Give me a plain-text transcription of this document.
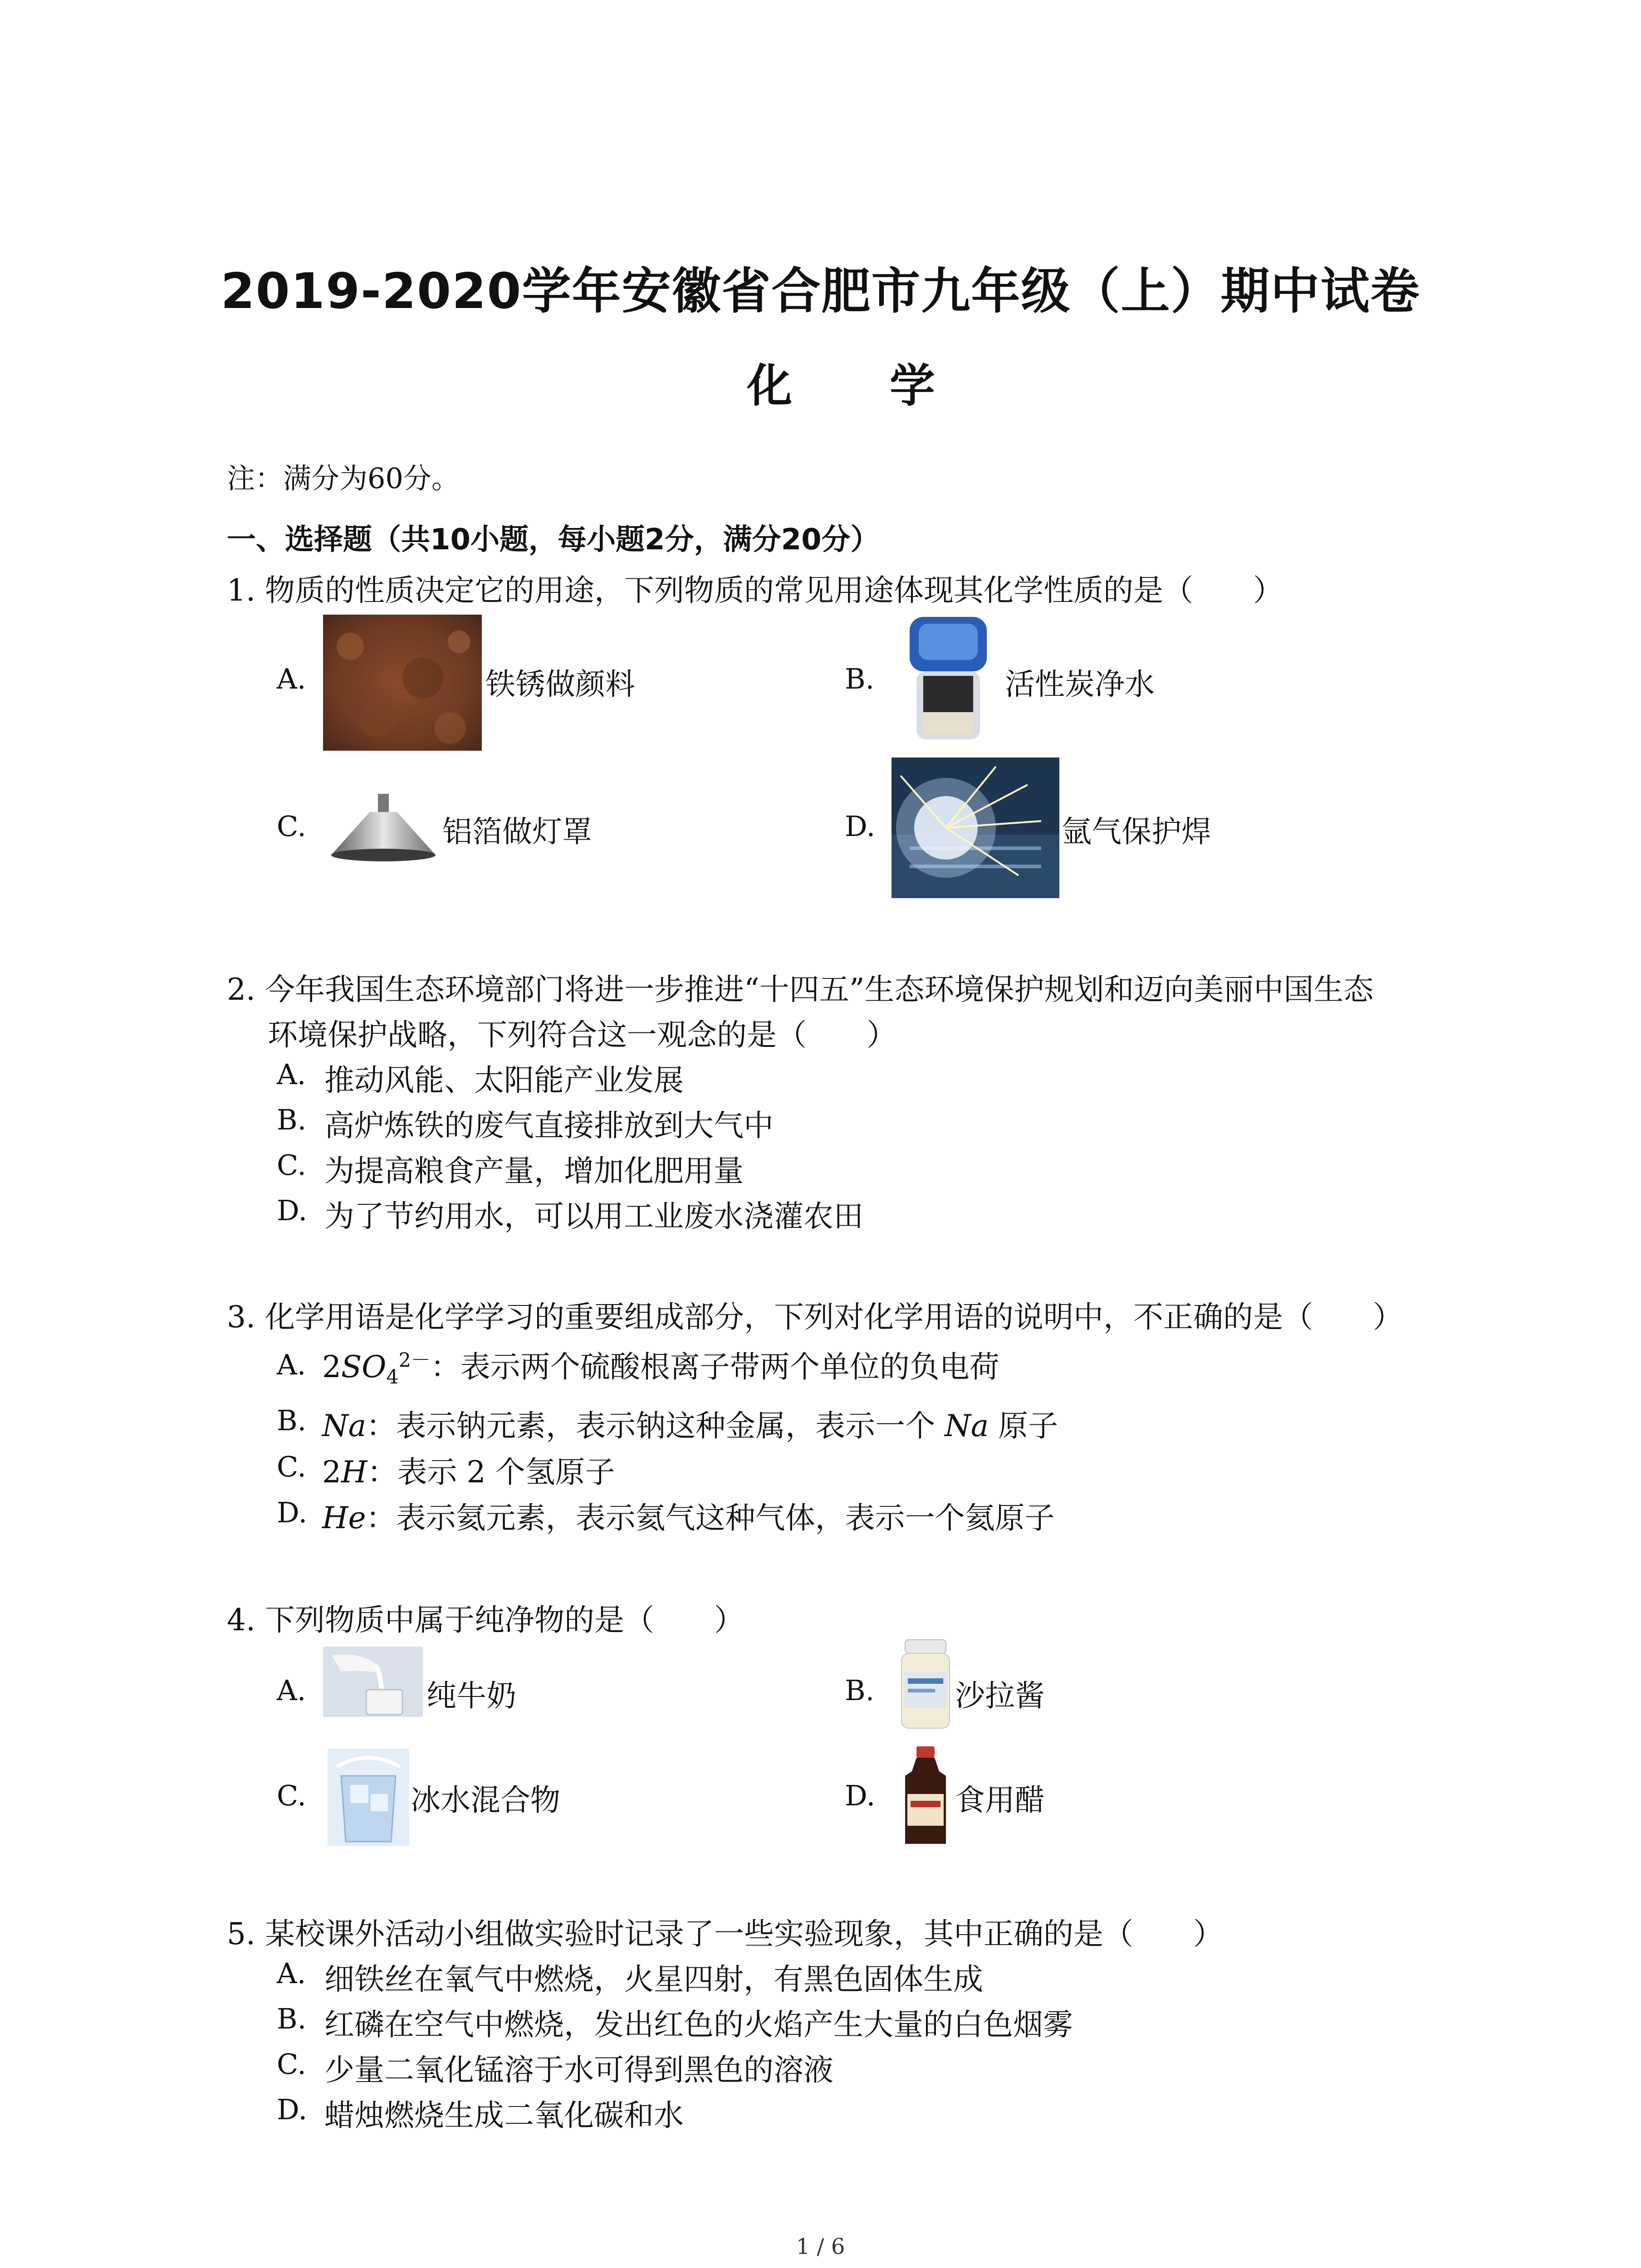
2019-2020学年安徽省合肥市九年级（上）期中试卷
化 学
注：满分为60分。
一、选择题（共10小题，每小题2分，满分20分）
1. 物质的性质决定它的用途，下列物质的常见用途体现其化学性质的是（　　）
A.	铁锈做颜料	B.	活性炭净水
C.	铝箔做灯罩	D.	氩气保护焊
2. 今年我国生态环境部门将进一步推进“十四五”生态环境保护规划和迈向美丽中国生态
环境保护战略，下列符合这一观念的是（　　）
A. 推动风能、太阳能产业发展
B. 高炉炼铁的废气直接排放到大气中
C. 为提高粮食产量，增加化肥用量
D. 为了节约用水，可以用工业废水浇灌农田
3. 化学用语是化学学习的重要组成部分，下列对化学用语的说明中，不正确的是（　　）
A. $2SO_4^{2-}$：表示两个硫酸根离子带两个单位的负电荷
B. Na：表示钠元素，表示钠这种金属，表示一个 Na 原子
C. 2H：表示 2 个氢原子
D. He：表示氦元素，表示氦气这种气体，表示一个氦原子
4. 下列物质中属于纯净物的是（　　）
A.	纯牛奶	B.	沙拉酱
C.	冰水混合物	D.	食用醋
5. 某校课外活动小组做实验时记录了一些实验现象，其中正确的是（　　）
A. 细铁丝在氧气中燃烧，火星四射，有黑色固体生成
B. 红磷在空气中燃烧，发出红色的火焰产生大量的白色烟雾
C. 少量二氧化锰溶于水可得到黑色的溶液
D. 蜡烛燃烧生成二氧化碳和水
1 / 6
